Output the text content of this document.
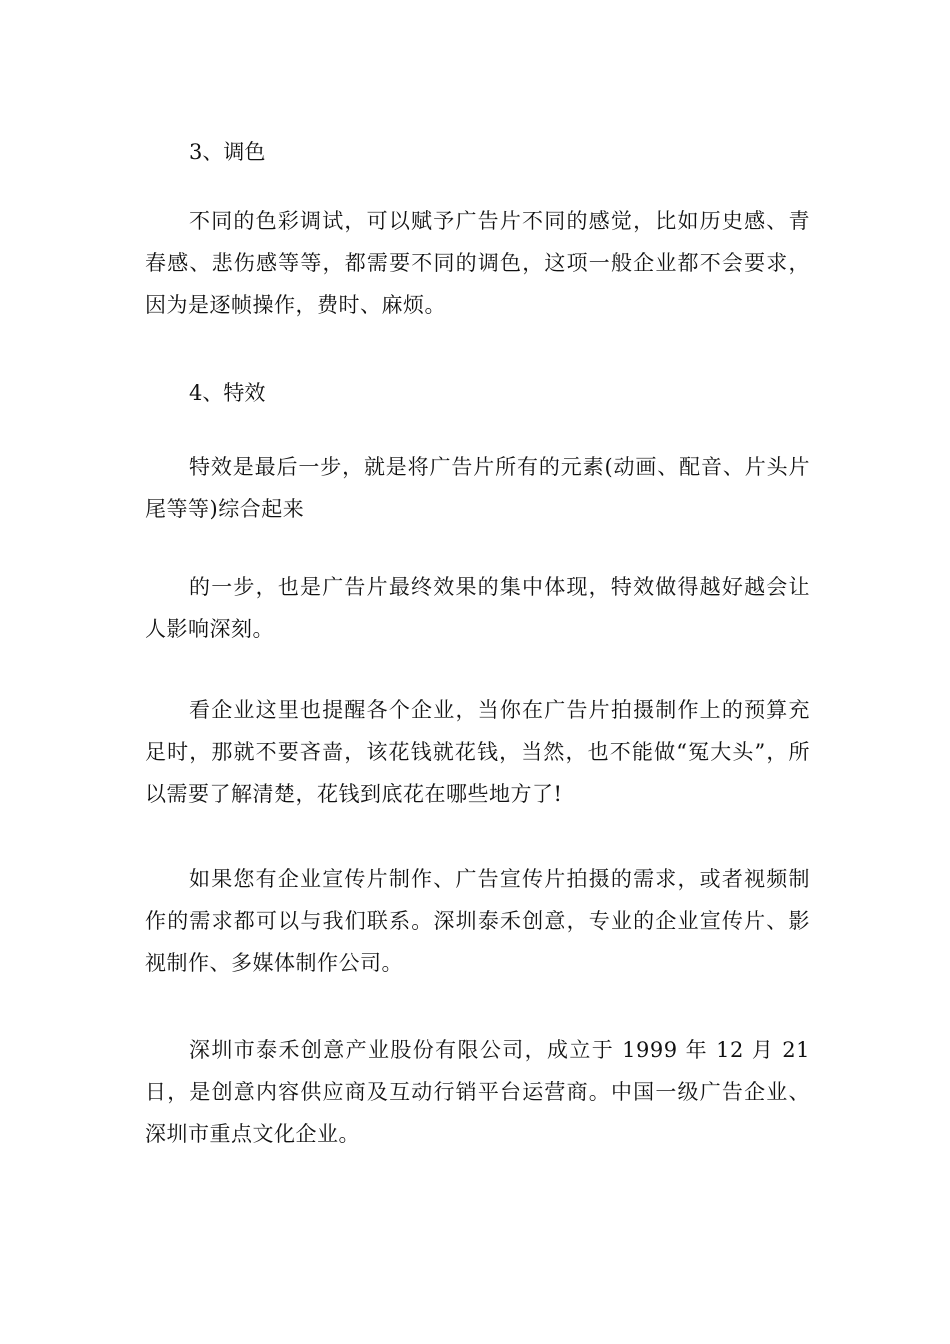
3、调色

不同的色彩调试，可以赋予广告片不同的感觉，比如历史感、青春感、悲伤感等等，都需要不同的调色，这项一般企业都不会要求，因为是逐帧操作，费时、麻烦。

4、特效

特效是最后一步，就是将广告片所有的元素(动画、配音、片头片尾等等)综合起来

的一步，也是广告片最终效果的集中体现，特效做得越好越会让人影响深刻。

看企业这里也提醒各个企业，当你在广告片拍摄制作上的预算充足时，那就不要吝啬，该花钱就花钱，当然，也不能做“冤大头”，所以需要了解清楚，花钱到底花在哪些地方了!

如果您有企业宣传片制作、广告宣传片拍摄的需求，或者视频制作的需求都可以与我们联系。深圳泰禾创意，专业的企业宣传片、影视制作、多媒体制作公司。

深圳市泰禾创意产业股份有限公司，成立于 1999 年 12 月 21 日，是创意内容供应商及互动行销平台运营商。中国一级广告企业、深圳市重点文化企业。
